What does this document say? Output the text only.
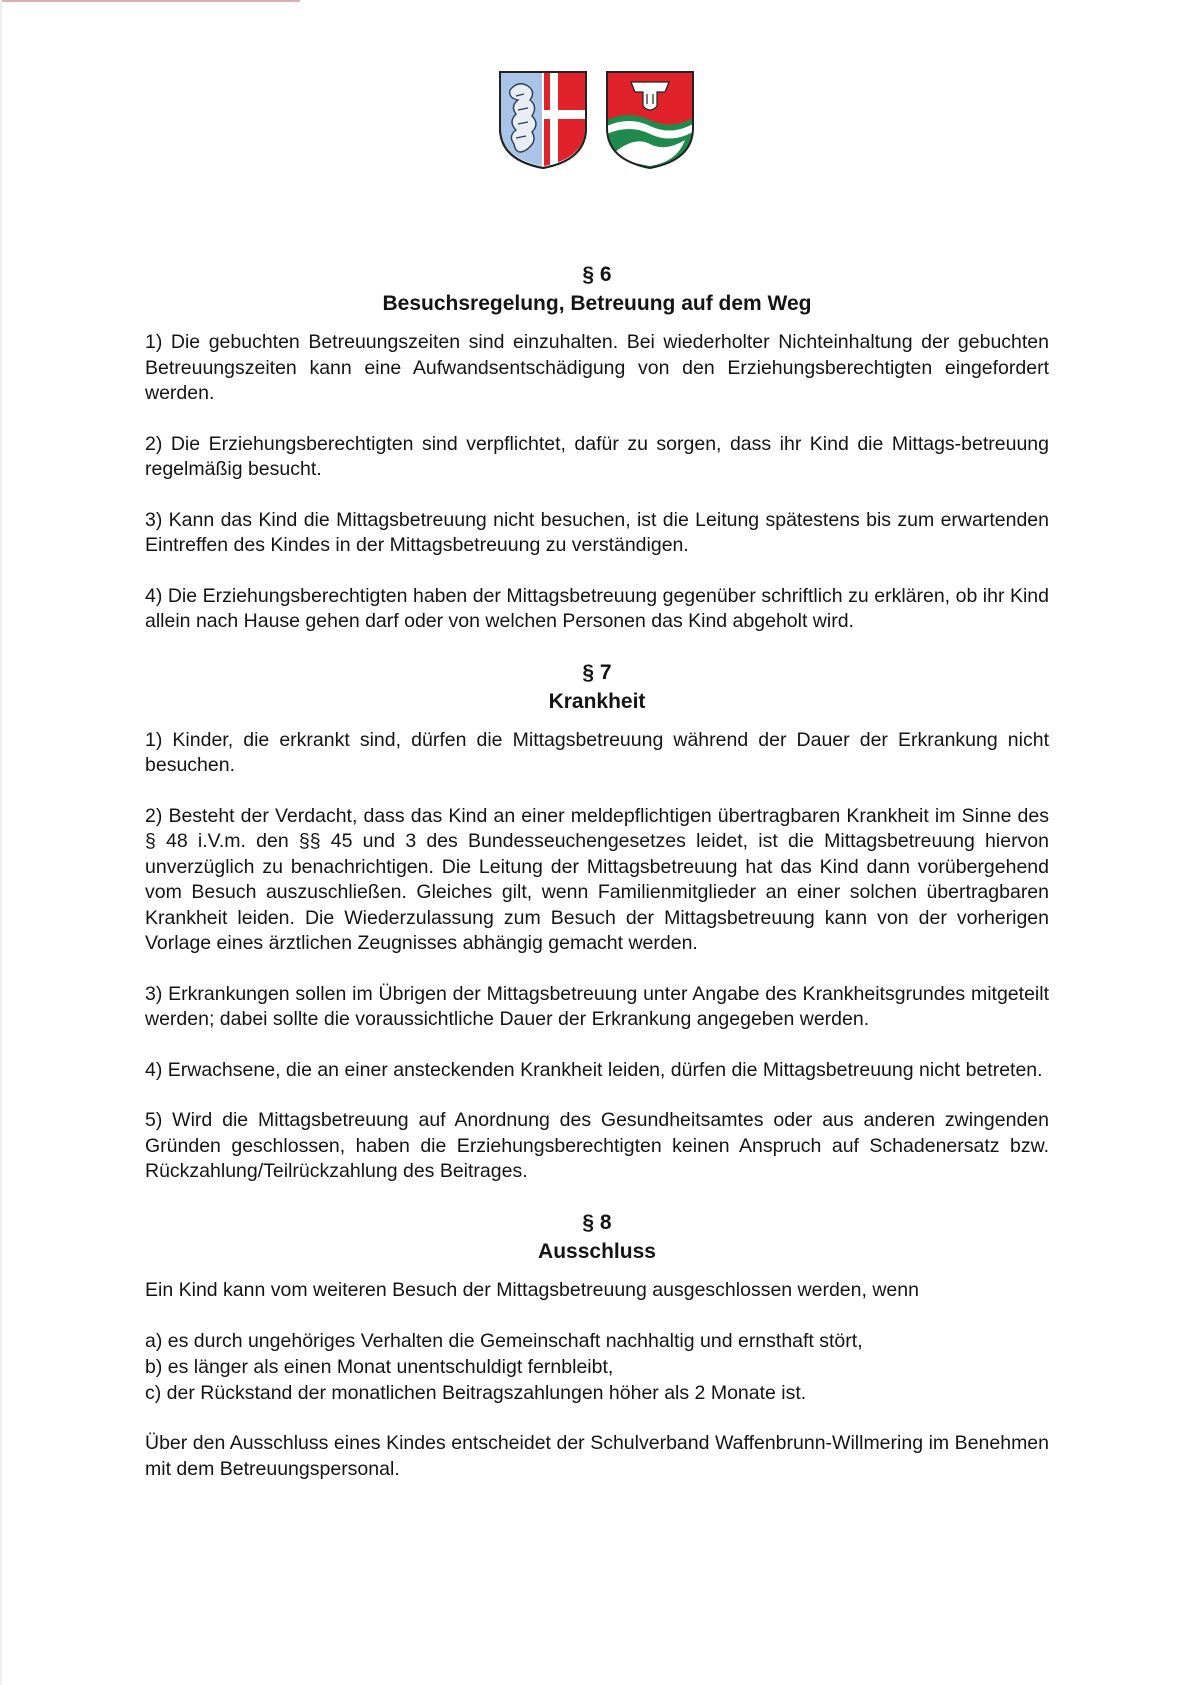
§ 6
Besuchsregelung, Betreuung auf dem Weg

1) Die gebuchten Betreuungszeiten sind einzuhalten. Bei wiederholter Nichteinhaltung der gebuchten Betreuungszeiten kann eine Aufwandsentschädigung von den Erziehungsberechtigten eingefordert werden.

2) Die Erziehungsberechtigten sind verpflichtet, dafür zu sorgen, dass ihr Kind die Mittags-betreuung regelmäßig besucht.

3) Kann das Kind die Mittagsbetreuung nicht besuchen, ist die Leitung spätestens bis zum erwartenden Eintreffen des Kindes in der Mittagsbetreuung zu verständigen.

4) Die Erziehungsberechtigten haben der Mittagsbetreuung gegenüber schriftlich zu erklären, ob ihr Kind allein nach Hause gehen darf oder von welchen Personen das Kind abgeholt wird.

§ 7
Krankheit

1) Kinder, die erkrankt sind, dürfen die Mittagsbetreuung während der Dauer der Erkrankung nicht besuchen.

2) Besteht der Verdacht, dass das Kind an einer meldepflichtigen übertragbaren Krankheit im Sinne des § 48 i.V.m. den §§ 45 und 3 des Bundesseuchengesetzes leidet, ist die Mittagsbetreuung hiervon unverzüglich zu benachrichtigen. Die Leitung der Mittagsbetreuung hat das Kind dann vorübergehend vom Besuch auszuschließen. Gleiches gilt, wenn Familienmitglieder an einer solchen übertragbaren Krankheit leiden. Die Wiederzulassung zum Besuch der Mittagsbetreuung kann von der vorherigen Vorlage eines ärztlichen Zeugnisses abhängig gemacht werden.

3) Erkrankungen sollen im Übrigen der Mittagsbetreuung unter Angabe des Krankheitsgrundes mitgeteilt werden; dabei sollte die voraussichtliche Dauer der Erkrankung angegeben werden.

4) Erwachsene, die an einer ansteckenden Krankheit leiden, dürfen die Mittagsbetreuung nicht betreten.

5) Wird die Mittagsbetreuung auf Anordnung des Gesundheitsamtes oder aus anderen zwingenden Gründen geschlossen, haben die Erziehungsberechtigten keinen Anspruch auf Schadenersatz bzw. Rückzahlung/Teilrückzahlung des Beitrages.

§ 8
Ausschluss

Ein Kind kann vom weiteren Besuch der Mittagsbetreuung ausgeschlossen werden, wenn

a) es durch ungehöriges Verhalten die Gemeinschaft nachhaltig und ernsthaft stört,
b) es länger als einen Monat unentschuldigt fernbleibt,
c) der Rückstand der monatlichen Beitragszahlungen höher als 2 Monate ist.

Über den Ausschluss eines Kindes entscheidet der Schulverband Waffenbrunn-Willmering im Benehmen mit dem Betreuungspersonal.
